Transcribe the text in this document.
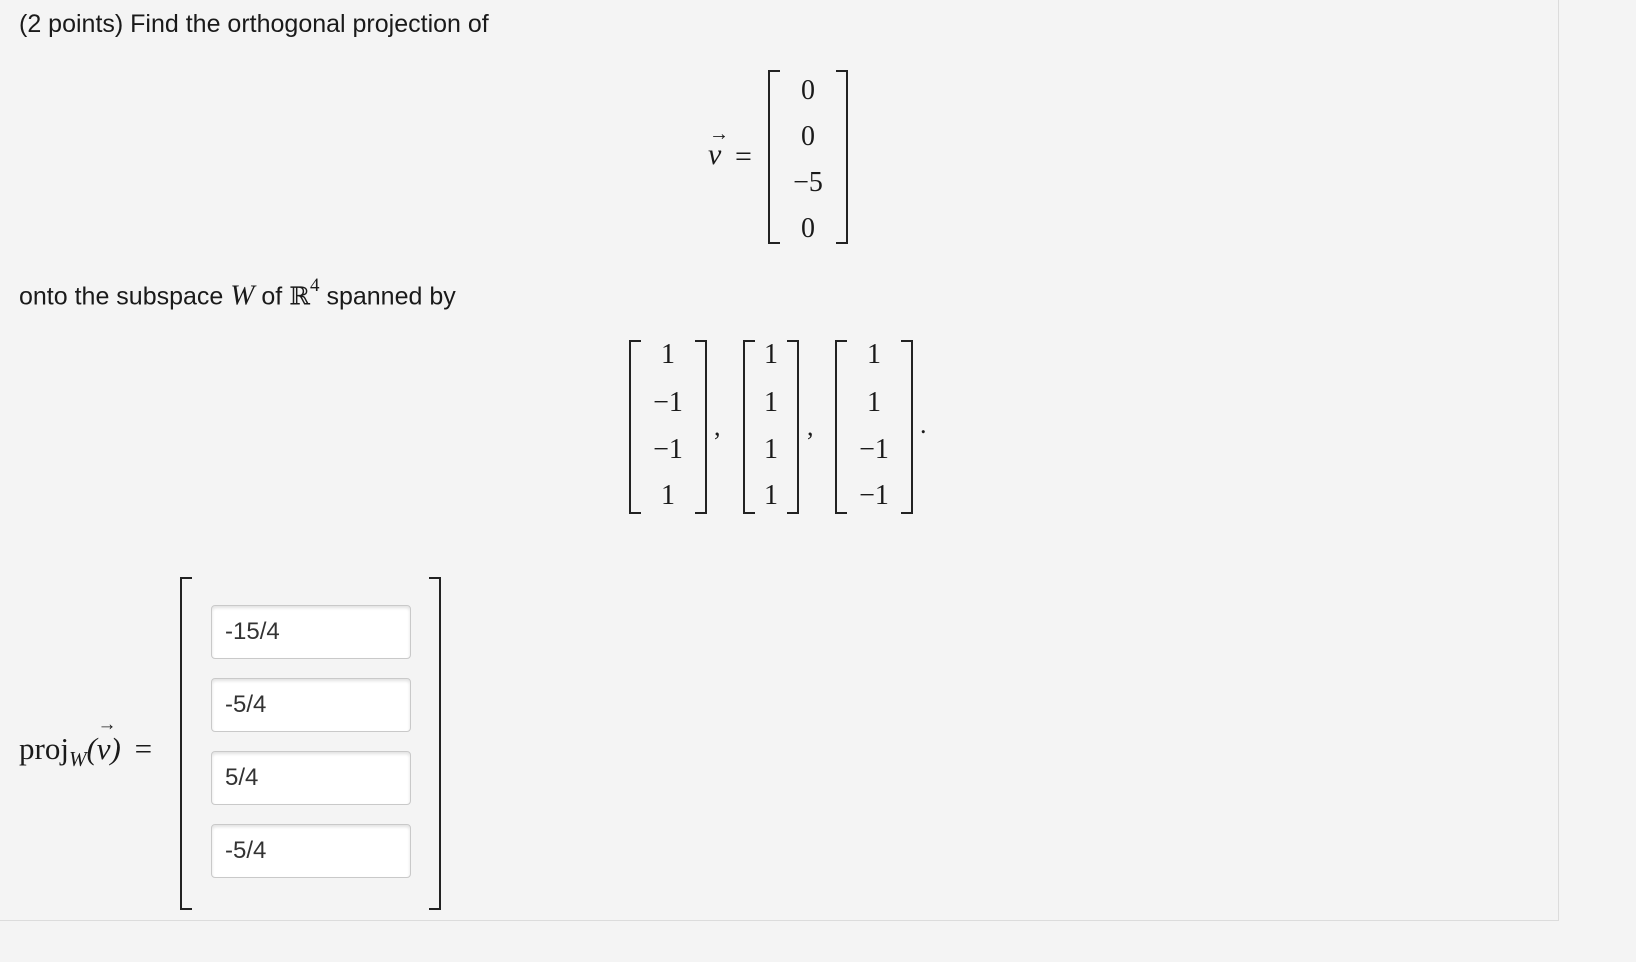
(2 points) Find the orthogonal projection of
→
v =
0
0
−5
0
onto the subspace W of ℝ$^4$ spanned by
1
−1
−1
1
,
1
1
1
1
,
1
1
−1
−1
.
proj$_W$
→
(v) =
-15/4
-5/4
5/4
-5/4
